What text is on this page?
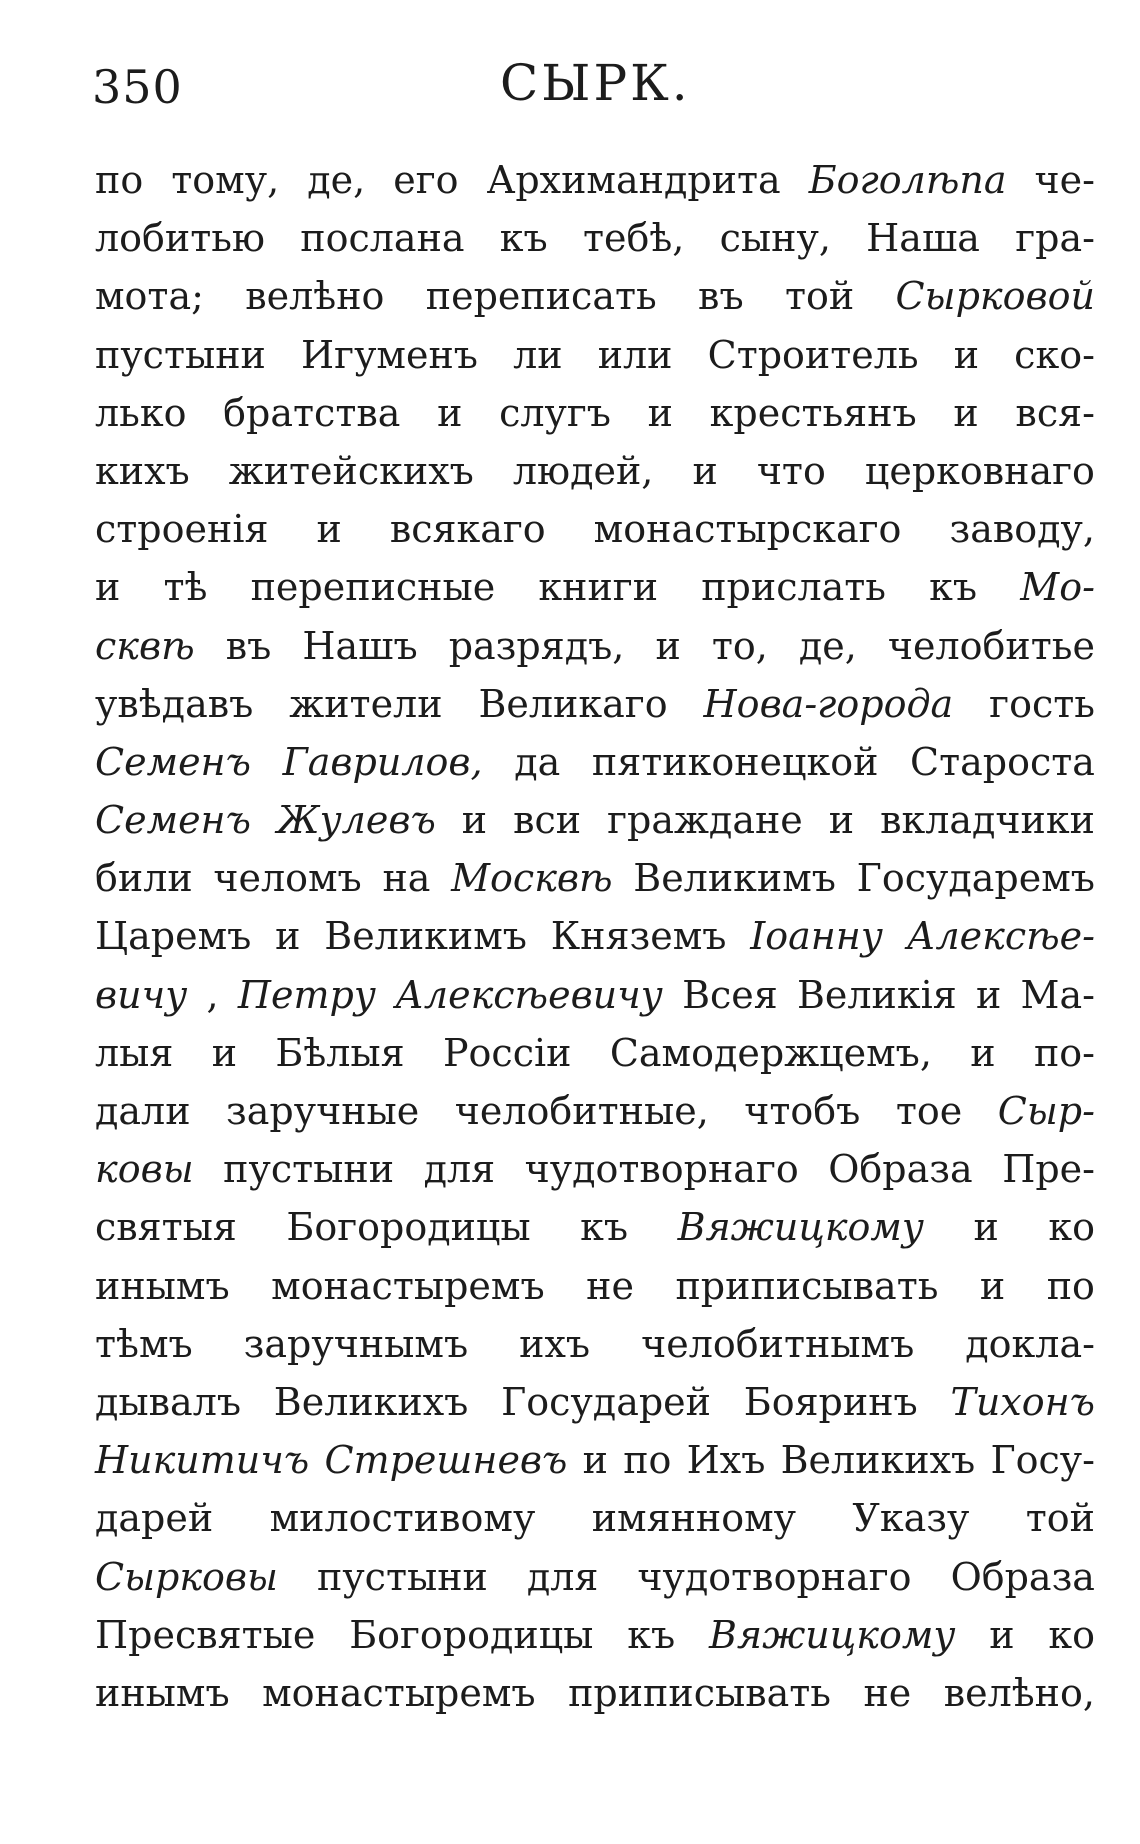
350	СЫРК.
по тому, де, его Архимандрита Боголѣпа че-
лобитью послана къ тебѣ, сыну, Наша гра-
мота; велѣно переписать въ той Сырковой
пустыни Игуменъ ли или Строитель и ско-
лько братства и слугъ и крестьянъ и вся-
кихъ житейскихъ людей, и что церковнаго
строенія и всякаго монастырскаго заводу,
и тѣ переписные книги прислать къ Мо-
сквѣ въ Нашъ разрядъ, и то, де, челобитье
увѣдавъ жители Великаго Нова-города гость
Семенъ Гаврилов, да пятиконецкой Староста
Семенъ Жулевъ и вси граждане и вкладчики
били челомъ на Москвѣ Великимъ Государемъ
Царемъ и Великимъ Княземъ Іоанну Алексѣе-
вичу , Петру Алексѣевичу Всея Великія и Ма-
лыя и Бѣлыя Россіи Самодержцемъ, и по-
дали заручные челобитные, чтобъ тое Сыр-
ковы пустыни для чудотворнаго Образа Пре-
святыя Богородицы къ Вяжицкому и ко
инымъ монастыремъ не приписывать и по
тѣмъ заручнымъ ихъ челобитнымъ докла-
дывалъ Великихъ Государей Бояринъ Тихонъ
Никитичъ Стрешневъ и по Ихъ Великихъ Госу-
дарей милостивому имянному Указу той
Сырковы пустыни для чудотворнаго Образа
Пресвятые Богородицы къ Вяжицкому и ко
инымъ монастыремъ приписывать не велѣно,
